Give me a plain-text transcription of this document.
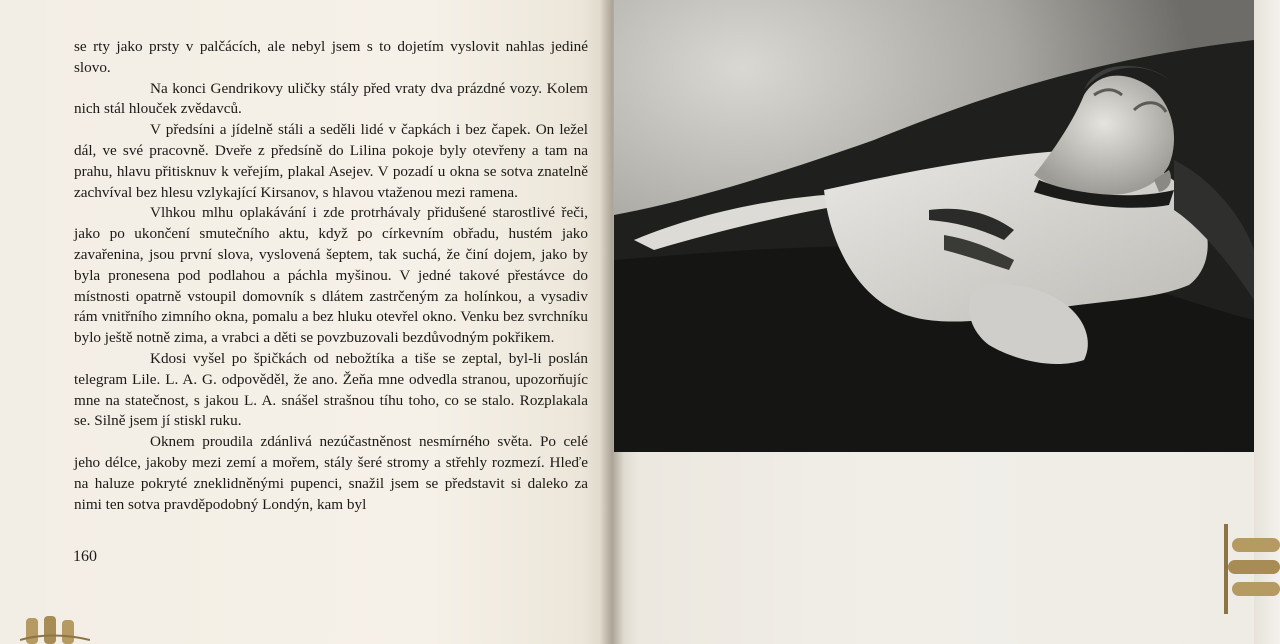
se rty jako prsty v palčácích, ale nebyl jsem s to dojetím vyslovit nahlas jediné slovo.

Na konci Gendrikovy uličky stály před vraty dva prázdné vozy. Kolem nich stál hlouček zvědavců.

V předsíni a jídelně stáli a seděli lidé v čapkách i bez čapek. On ležel dál, ve své pracovně. Dveře z předsíně do Lilina pokoje byly otevřeny a tam na prahu, hlavu přitisknuv k veřejím, plakal Asejev. V pozadí u okna se sotva znatelně zachvíval bez hlesu vzlykající Kirsanov, s hlavou vtaženou mezi ramena.

Vlhkou mlhu oplakávání i zde protrhávaly přidušené starostlivé řeči, jako po ukončení smutečního aktu, když po církevním obřadu, hustém jako zavařenina, jsou první slova, vyslovená šeptem, tak suchá, že činí dojem, jako by byla pronesena pod podlahou a páchla myšinou. V jedné takové přestávce do místnosti opatrně vstoupil domovník s dlátem zastrčeným za holínkou, a vysadiv rám vnitřního zimního okna, pomalu a bez hluku otevřel okno. Venku bez svrchníku bylo ještě notně zima, a vrabci a děti se povzbuzovali bezdůvodným pokřikem.

Kdosi vyšel po špičkách od nebožtíka a tiše se zeptal, byl-li poslán telegram Lile. L. A. G. odpověděl, že ano. Žeňa mne odvedla stranou, upozorňujíc mne na statečnost, s jakou L. A. snášel strašnou tíhu toho, co se stalo. Rozplakala se. Silně jsem jí stiskl ruku.

Oknem proudila zdánlivá nezúčastněnost nesmírného světa. Po celé jeho délce, jakoby mezi zemí a mořem, stály šeré stromy a střehly rozmezí. Hleďe na haluze pokryté zneklidněnými pupenci, snažil jsem se představit si daleko za nimi ten sotva pravděpodobný Londýn, kam byl

160
